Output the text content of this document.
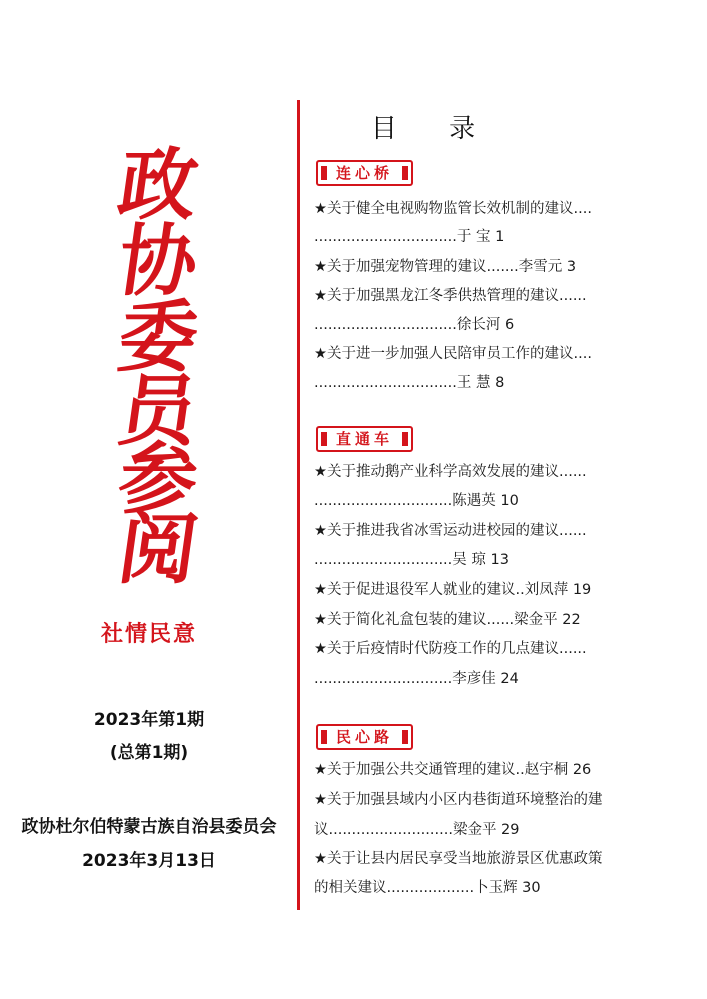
政
协
委
员
参
阅
社情民意
2023年第1期
(总第1期)
政协杜尔伯特蒙古族自治县委员会
2023年3月13日
目 录
连心桥
★关于健全电视购物监管长效机制的建议....
...............................于 宝 1
★关于加强宠物管理的建议.......李雪元 3
★关于加强黑龙江冬季供热管理的建议......
...............................徐长河 6
★关于进一步加强人民陪审员工作的建议....
...............................王 慧 8
直通车
★关于推动鹅产业科学高效发展的建议......
..............................陈遇英 10
★关于推进我省冰雪运动进校园的建议......
..............................吴 琼 13
★关于促进退役军人就业的建议..刘凤萍 19
★关于简化礼盒包装的建议......梁金平 22
★关于后疫情时代防疫工作的几点建议......
..............................李彦佳 24
民心路
★关于加强公共交通管理的建议..赵宇桐 26
★关于加强县域内小区内巷街道环境整治的建
议...........................梁金平 29
★关于让县内居民享受当地旅游景区优惠政策
的相关建议...................卜玉辉 30
